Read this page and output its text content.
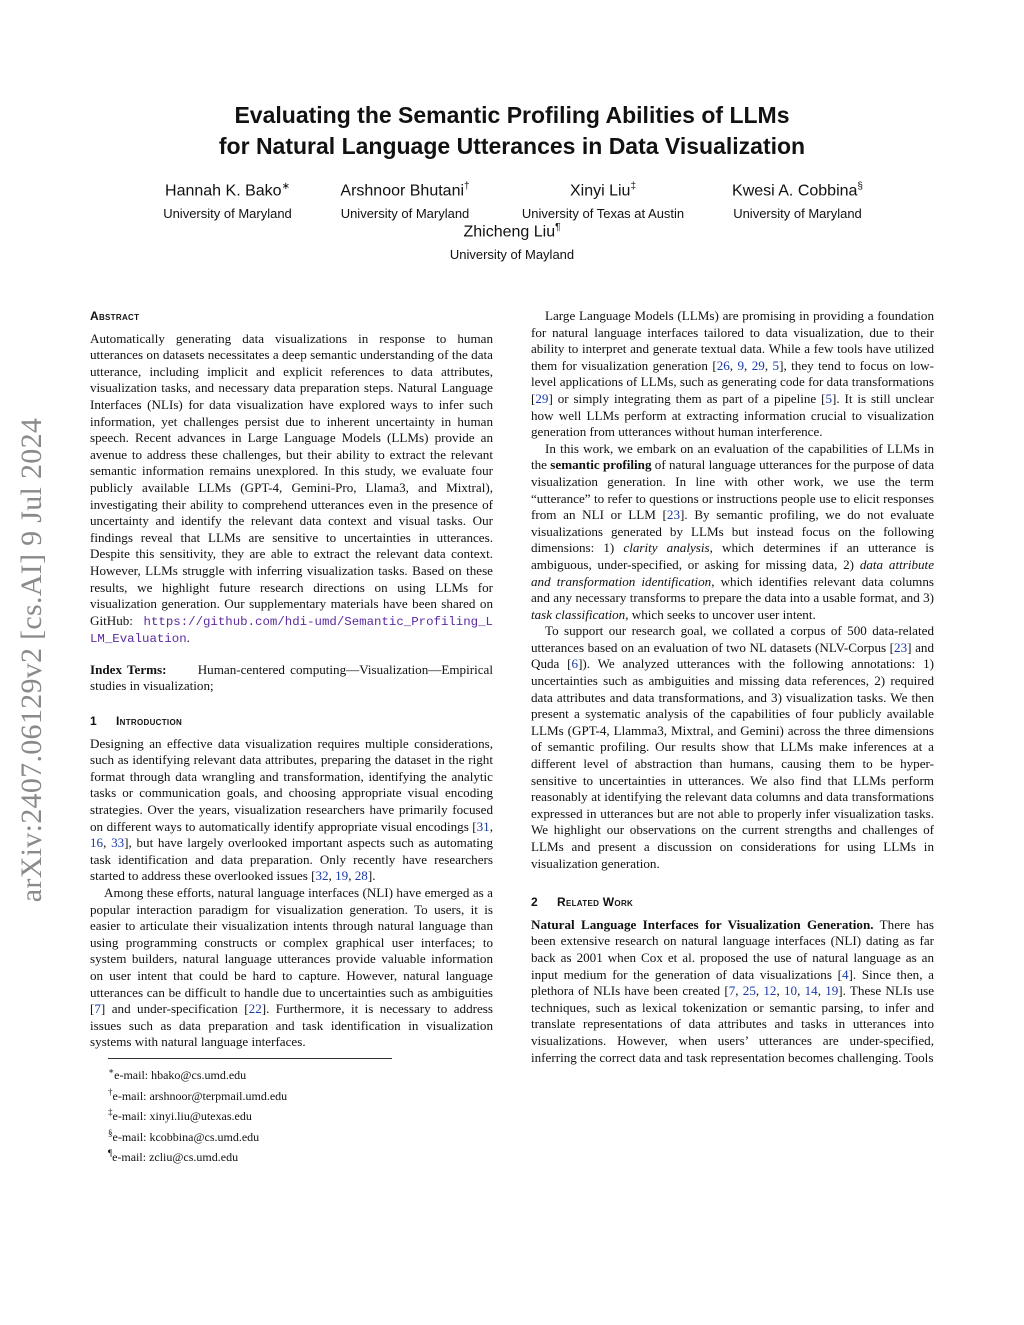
arXiv:2407.06129v2 [cs.AI] 9 Jul 2024
Evaluating the Semantic Profiling Abilities of LLMs
for Natural Language Utterances in Data Visualization
Hannah K. Bako∗
University of Maryland
Arshnoor Bhutani†
University of Maryland
Xinyi Liu‡
University of Texas at Austin
Kwesi A. Cobbina§
University of Maryland
Zhicheng Liu¶
University of Mayland
Abstract

Automatically generating data visualizations in response to human utterances on datasets necessitates a deep semantic understanding of the data utterance, including implicit and explicit references to data attributes, visualization tasks, and necessary data preparation steps. Natural Language Interfaces (NLIs) for data visualization have explored ways to infer such information, yet challenges persist due to inherent uncertainty in human speech. Recent advances in Large Language Models (LLMs) provide an avenue to address these challenges, but their ability to extract the relevant semantic information remains unexplored. In this study, we evaluate four publicly available LLMs (GPT-4, Gemini-Pro, Llama3, and Mixtral), investigating their ability to comprehend utterances even in the presence of uncertainty and identify the relevant data context and visual tasks. Our findings reveal that LLMs are sensitive to uncertainties in utterances. Despite this sensitivity, they are able to extract the relevant data context. However, LLMs struggle with inferring visualization tasks. Based on these results, we highlight future research directions on using LLMs for visualization generation. Our supplementary materials have been shared on GitHub: https://github.com/hdi-umd/Semantic_Profiling_LLM_Evaluation.

Index Terms: Human-centered computing—Visualization—Empirical studies in visualization;

1 Introduction

Designing an effective data visualization requires multiple considerations, such as identifying relevant data attributes, preparing the dataset in the right format through data wrangling and transformation, identifying the analytic tasks or communication goals, and choosing appropriate visual encoding strategies. Over the years, visualization researchers have primarily focused on different ways to automatically identify appropriate visual encodings [31, 16, 33], but have largely overlooked important aspects such as automating task identification and data preparation. Only recently have researchers started to address these overlooked issues [32, 19, 28].

Among these efforts, natural language interfaces (NLI) have emerged as a popular interaction paradigm for visualization generation. To users, it is easier to articulate their visualization intents through natural language than using programming constructs or complex graphical user interfaces; to system builders, natural language utterances provide valuable information on user intent that could be hard to capture. However, natural language utterances can be difficult to handle due to uncertainties such as ambiguities [7] and under-specification [22]. Furthermore, it is necessary to address issues such as data preparation and task identification in visualization systems with natural language interfaces.

∗e-mail: hbako@cs.umd.edu
†e-mail: arshnoor@terpmail.umd.edu
‡e-mail: xinyi.liu@utexas.edu
§e-mail: kcobbina@cs.umd.edu
¶e-mail: zcliu@cs.umd.edu

Large Language Models (LLMs) are promising in providing a foundation for natural language interfaces tailored to data visualization, due to their ability to interpret and generate textual data. While a few tools have utilized them for visualization generation [26, 9, 29, 5], they tend to focus on low-level applications of LLMs, such as generating code for data transformations [29] or simply integrating them as part of a pipeline [5]. It is still unclear how well LLMs perform at extracting information crucial to visualization generation from utterances without human interference.

In this work, we embark on an evaluation of the capabilities of LLMs in the semantic profiling of natural language utterances for the purpose of data visualization generation. In line with other work, we use the term “utterance” to refer to questions or instructions people use to elicit responses from an NLI or LLM [23]. By semantic profiling, we do not evaluate visualizations generated by LLMs but instead focus on the following dimensions: 1) clarity analysis, which determines if an utterance is ambiguous, under-specified, or asking for missing data, 2) data attribute and transformation identification, which identifies relevant data columns and any necessary transforms to prepare the data into a usable format, and 3) task classification, which seeks to uncover user intent.

To support our research goal, we collated a corpus of 500 data-related utterances based on an evaluation of two NL datasets (NLV-Corpus [23] and Quda [6]). We analyzed utterances with the following annotations: 1) uncertainties such as ambiguities and missing data references, 2) required data attributes and data transformations, and 3) visualization tasks. We then present a systematic analysis of the capabilities of four publicly available LLMs (GPT-4, Llamma3, Mixtral, and Gemini) across the three dimensions of semantic profiling. Our results show that LLMs make inferences at a different level of abstraction than humans, causing them to be hyper-sensitive to uncertainties in utterances. We also find that LLMs perform reasonably at identifying the relevant data columns and data transformations expressed in utterances but are not able to properly infer visualization tasks. We highlight our observations on the current strengths and challenges of LLMs and present a discussion on considerations for using LLMs in visualization generation.

2 Related Work

Natural Language Interfaces for Visualization Generation. There has been extensive research on natural language interfaces (NLI) dating as far back as 2001 when Cox et al. proposed the use of natural language as an input medium for the generation of data visualizations [4]. Since then, a plethora of NLIs have been created [7, 25, 12, 10, 14, 19]. These NLIs use techniques, such as lexical tokenization or semantic parsing, to infer and translate representations of data attributes and tasks in utterances into visualizations. However, when users’ utterances are under-specified, inferring the correct data and task representation becomes challenging. Tools
